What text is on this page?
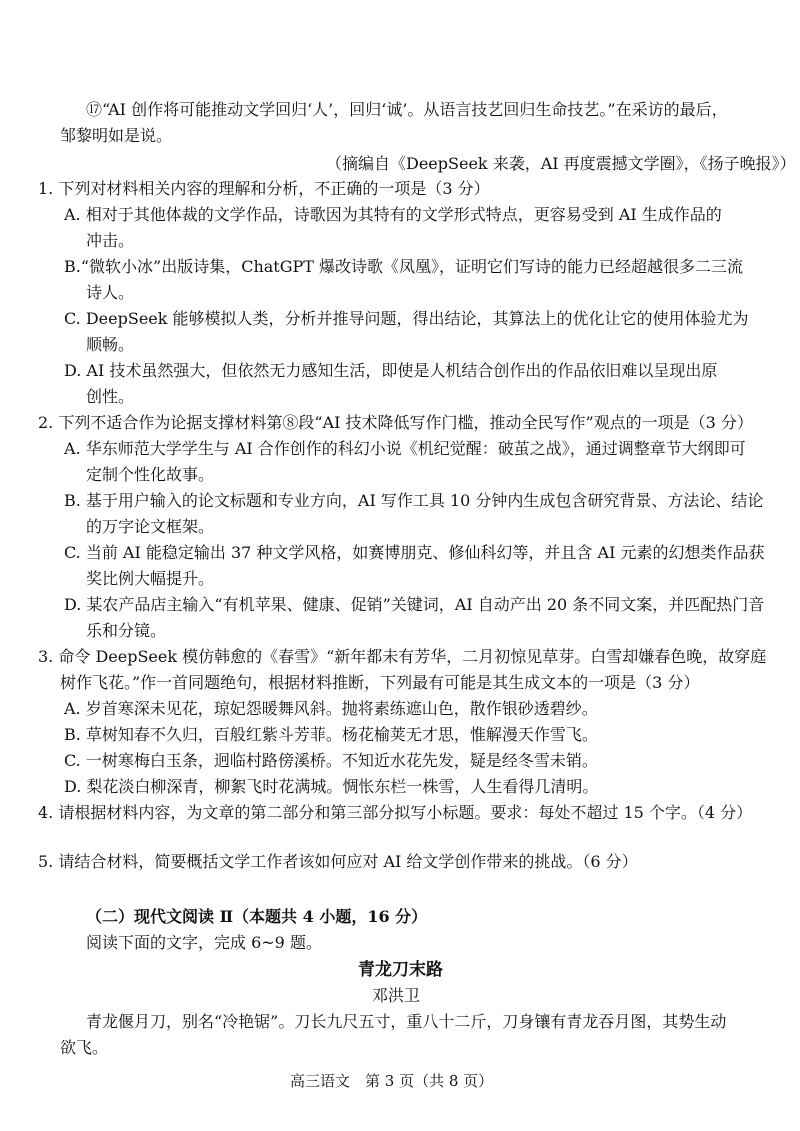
⑰“AI 创作将可能推动文学回归‘人’，回归‘诚’。从语言技艺回归生命技艺。”在采访的最后，
邹黎明如是说。
（摘编自《DeepSeek 来袭，AI 再度震撼文学圈》，《扬子晚报》）
1. 下列对材料相关内容的理解和分析，不正确的一项是（3 分）
A. 相对于其他体裁的文学作品，诗歌因为其特有的文学形式特点，更容易受到 AI 生成作品的
冲击。
B.“微软小冰”出版诗集，ChatGPT 爆改诗歌《凤凰》，证明它们写诗的能力已经超越很多二三流
诗人。
C. DeepSeek 能够模拟人类，分析并推导问题，得出结论，其算法上的优化让它的使用体验尤为
顺畅。
D. AI 技术虽然强大，但依然无力感知生活，即使是人机结合创作出的作品依旧难以呈现出原
创性。
2. 下列不适合作为论据支撑材料第⑧段“AI 技术降低写作门槛，推动全民写作”观点的一项是（3 分）
A. 华东师范大学学生与 AI 合作创作的科幻小说《机纪觉醒：破茧之战》，通过调整章节大纲即可
定制个性化故事。
B. 基于用户输入的论文标题和专业方向，AI 写作工具 10 分钟内生成包含研究背景、方法论、结论
的万字论文框架。
C. 当前 AI 能稳定输出 37 种文学风格，如赛博朋克、修仙科幻等，并且含 AI 元素的幻想类作品获
奖比例大幅提升。
D. 某农产品店主输入“有机苹果、健康、促销”关键词，AI 自动产出 20 条不同文案，并匹配热门音
乐和分镜。
3. 命令 DeepSeek 模仿韩愈的《春雪》“新年都未有芳华，二月初惊见草芽。白雪却嫌春色晚，故穿庭
树作飞花。”作一首同题绝句，根据材料推断，下列最有可能是其生成文本的一项是（3 分）
A. 岁首寒深未见花，琼妃怨暖舞风斜。抛将素练遮山色，散作银砂透碧纱。
B. 草树知春不久归，百般红紫斗芳菲。杨花榆荚无才思，惟解漫天作雪飞。
C. 一树寒梅白玉条，迥临村路傍溪桥。不知近水花先发，疑是经冬雪未销。
D. 梨花淡白柳深青，柳絮飞时花满城。惆怅东栏一株雪，人生看得几清明。
4. 请根据材料内容，为文章的第二部分和第三部分拟写小标题。要求：每处不超过 15 个字。（4 分）
5. 请结合材料，简要概括文学工作者该如何应对 AI 给文学创作带来的挑战。（6 分）
（二）现代文阅读 Ⅱ（本题共 4 小题，16 分）
阅读下面的文字，完成 6~9 题。
青龙刀末路
邓洪卫
青龙偃月刀，别名“冷艳锯”。刀长九尺五寸，重八十二斤，刀身镶有青龙吞月图，其势生动
欲飞。
高三语文　第 3 页（共 8 页）
